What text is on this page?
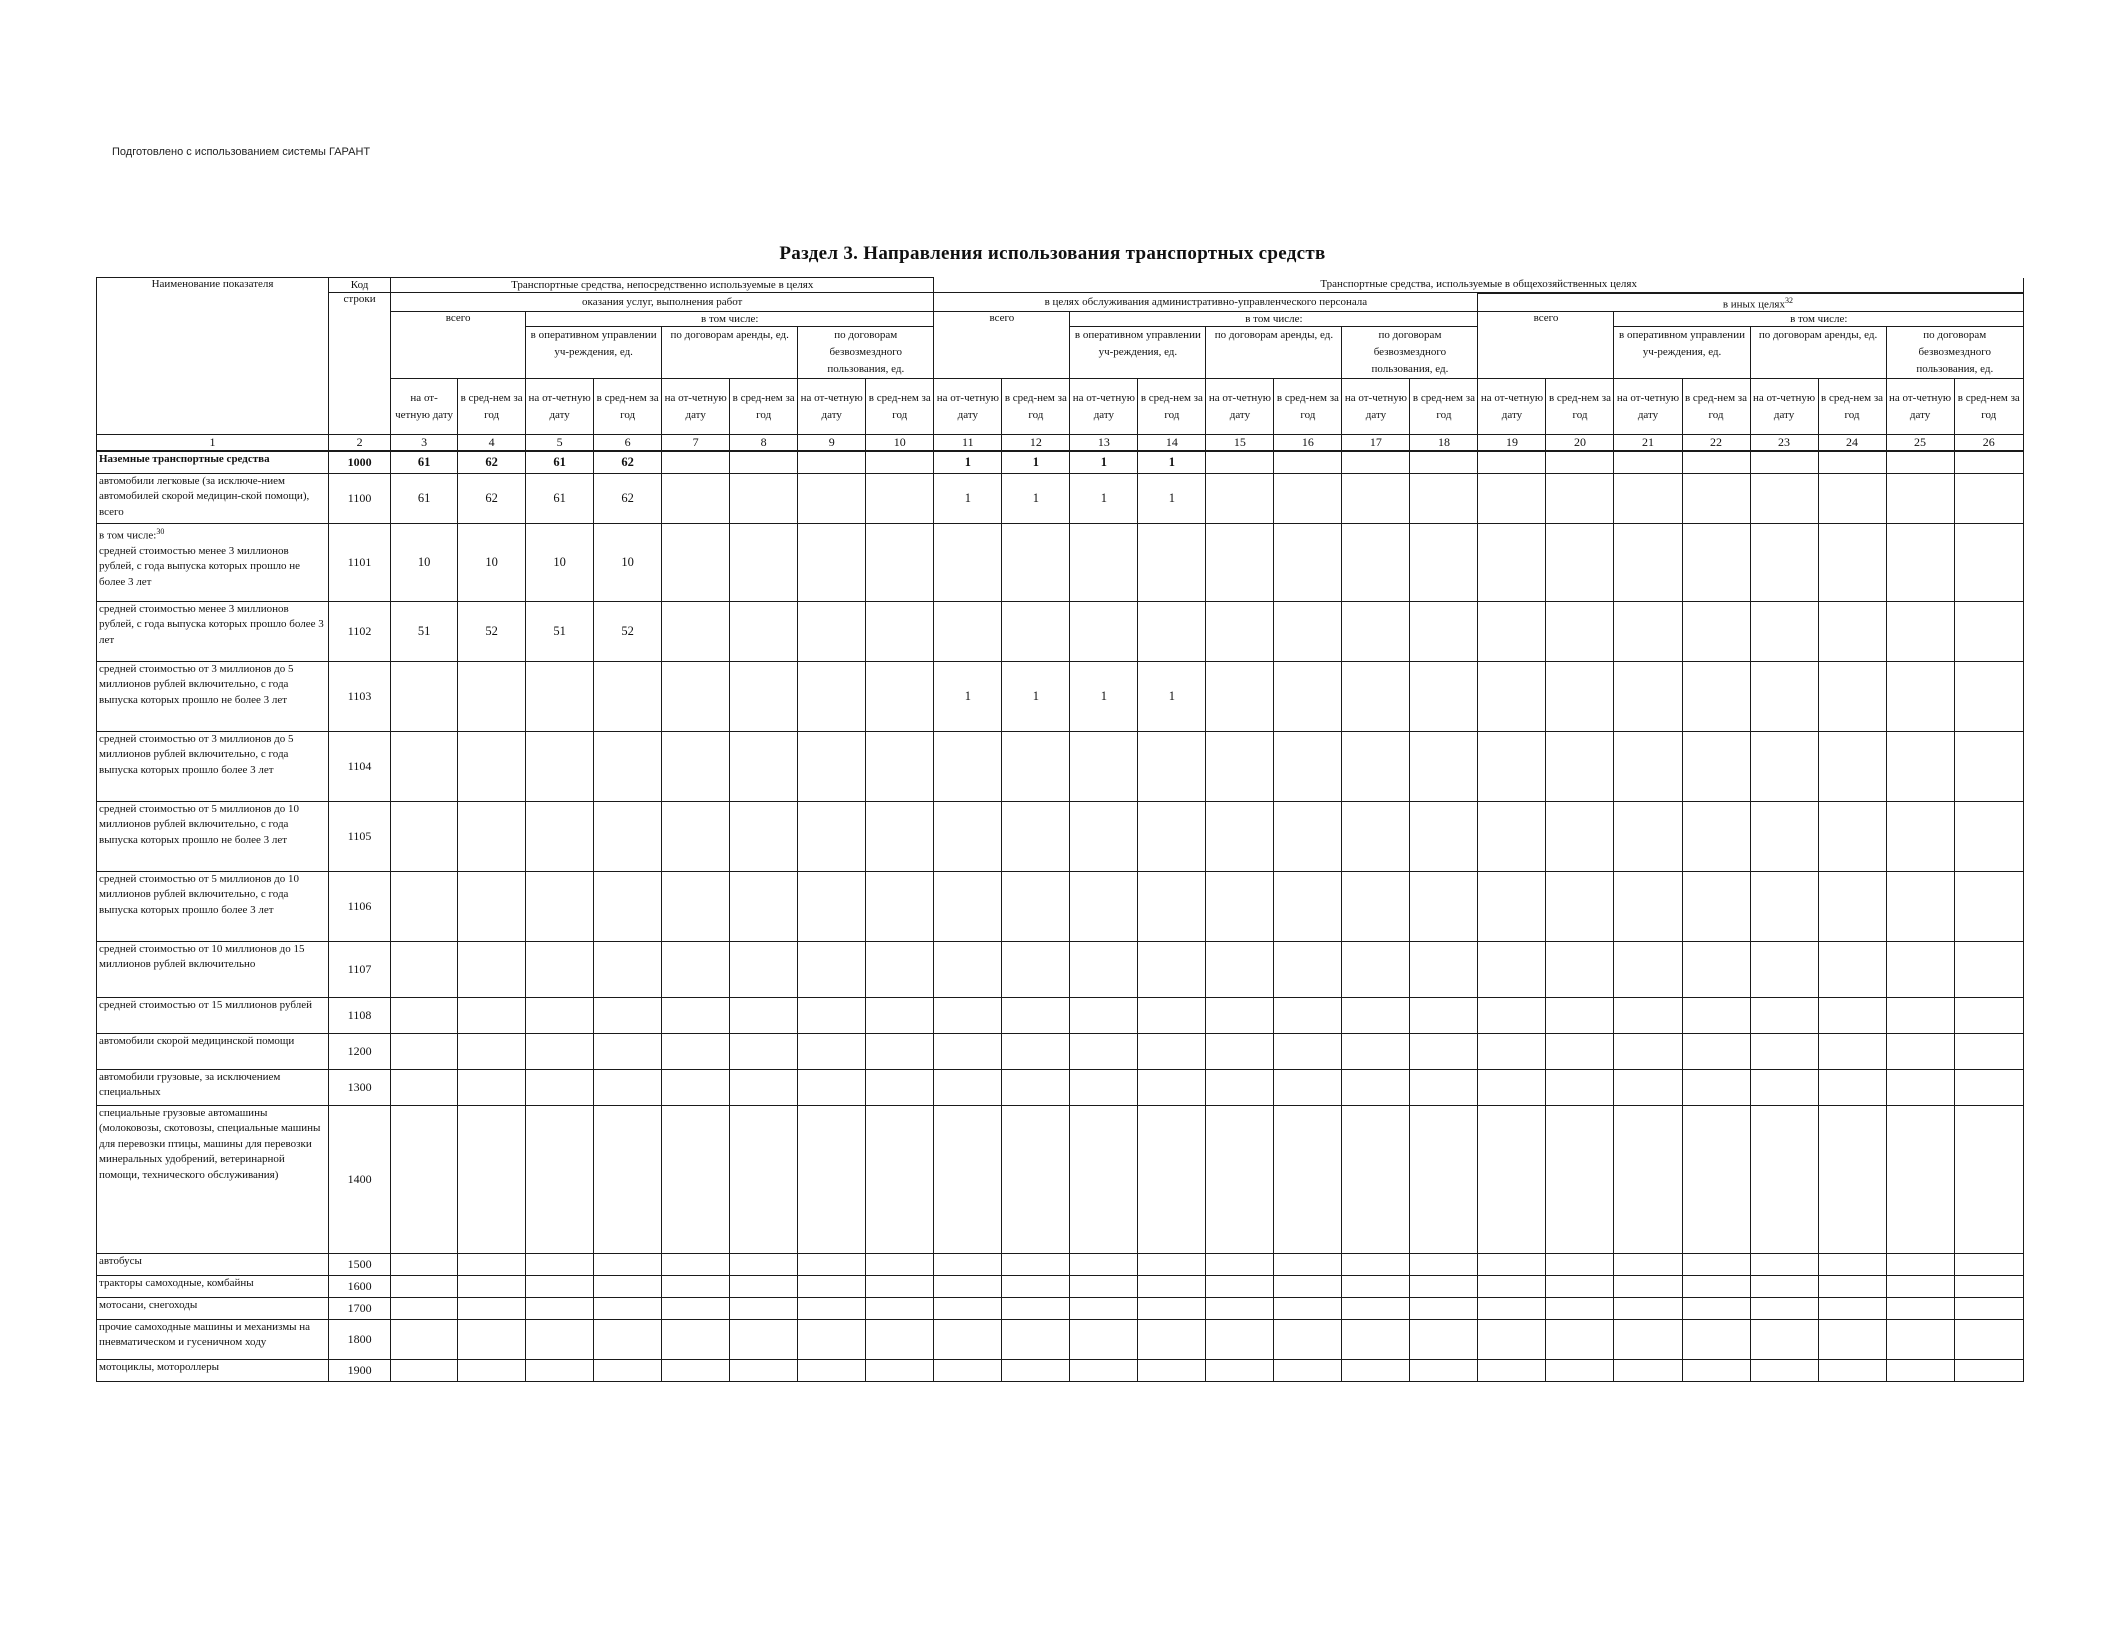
Подготовлено с использованием системы ГАРАНТ
Раздел 3. Направления использования транспортных средств
Наименование показателя	Код	Транспортные средства, непосредственно используемые в целях								Транспортные средства, используемые в общехозяйственных целях															
	строки	оказания услуг, выполнения работ								в целях обслуживания административно-управленческого персонала								в иных целях$^{32}$
		всего		в том числе:						всего		в том числе:						всего		в том числе:					
				в оперативном управлении уч-реждения, ед.		по договорам аренды, ед.		по договорам безвозмездного пользования, ед.				в оперативном управлении уч-реждения, ед.		по договорам аренды, ед.		по договорам безвозмездного пользования, ед.				в оперативном управлении уч-реждения, ед.		по договорам аренды, ед.		по договорам безвозмездного пользования, ед.	

		на от-четную дату	в сред-нем за год	на от-четную дату	в сред-нем за год	на от-четную дату	в сред-нем за год	на от-четную дату	в сред-нем за год	на от-четную дату	в сред-нем за год	на от-четную дату	в сред-нем за год	на от-четную дату	в сред-нем за год	на от-четную дату	в сред-нем за год	на от-четную дату	в сред-нем за год	на от-четную дату	в сред-нем за год	на от-четную дату	в сред-нем за год	на от-четную дату	в сред-нем за год
1	2	3	4	5	6	7	8	9	10	11	12	13	14	15	16	17	18	19	20	21	22	23	24	25	26
Наземные транспортные средства	1000	61	62	61	62					1	1	1	1												
автомобили легковые (за исключе-нием автомобилей скорой медицин-ской помощи), всего	1100	61	62	61	62					1	1	1	1												
в том числе:$^{30}$
средней стоимостью менее 3 миллионов рублей, с года выпуска которых прошло не более 3 лет	1101	10	10	10	10																				
средней стоимостью менее 3 миллионов рублей, с года выпуска которых прошло более 3 лет	1102	51	52	51	52																				
средней стоимостью от 3 миллионов до 5 миллионов рублей включительно, с года выпуска которых прошло не более 3 лет	1103									1	1	1	1												
средней стоимостью от 3 миллионов до 5 миллионов рублей включительно, с года выпуска которых прошло более 3 лет	1104																								
средней стоимостью от 5 миллионов до 10 миллионов рублей включительно, с года выпуска которых прошло не более 3 лет	1105																								
средней стоимостью от 5 миллионов до 10 миллионов рублей включительно, с года выпуска которых прошло более 3 лет	1106																								
средней стоимостью от 10 миллионов до 15 миллионов рублей включительно	1107																								
средней стоимостью от 15 миллионов рублей	1108																								
автомобили скорой медицинской помощи	1200																								
автомобили грузовые, за исключением специальных	1300																								
специальные грузовые автомашины (молоковозы, скотовозы, специальные машины для перевозки птицы, машины для перевозки минеральных удобрений, ветеринарной помощи, технического обслуживания)	1400																								
автобусы	1500																								
тракторы самоходные, комбайны	1600																								
мотосани, снегоходы	1700																								
прочие самоходные машины и механизмы на пневматическом и гусеничном ходу	1800																								
мотоциклы, мотороллеры	1900																								
